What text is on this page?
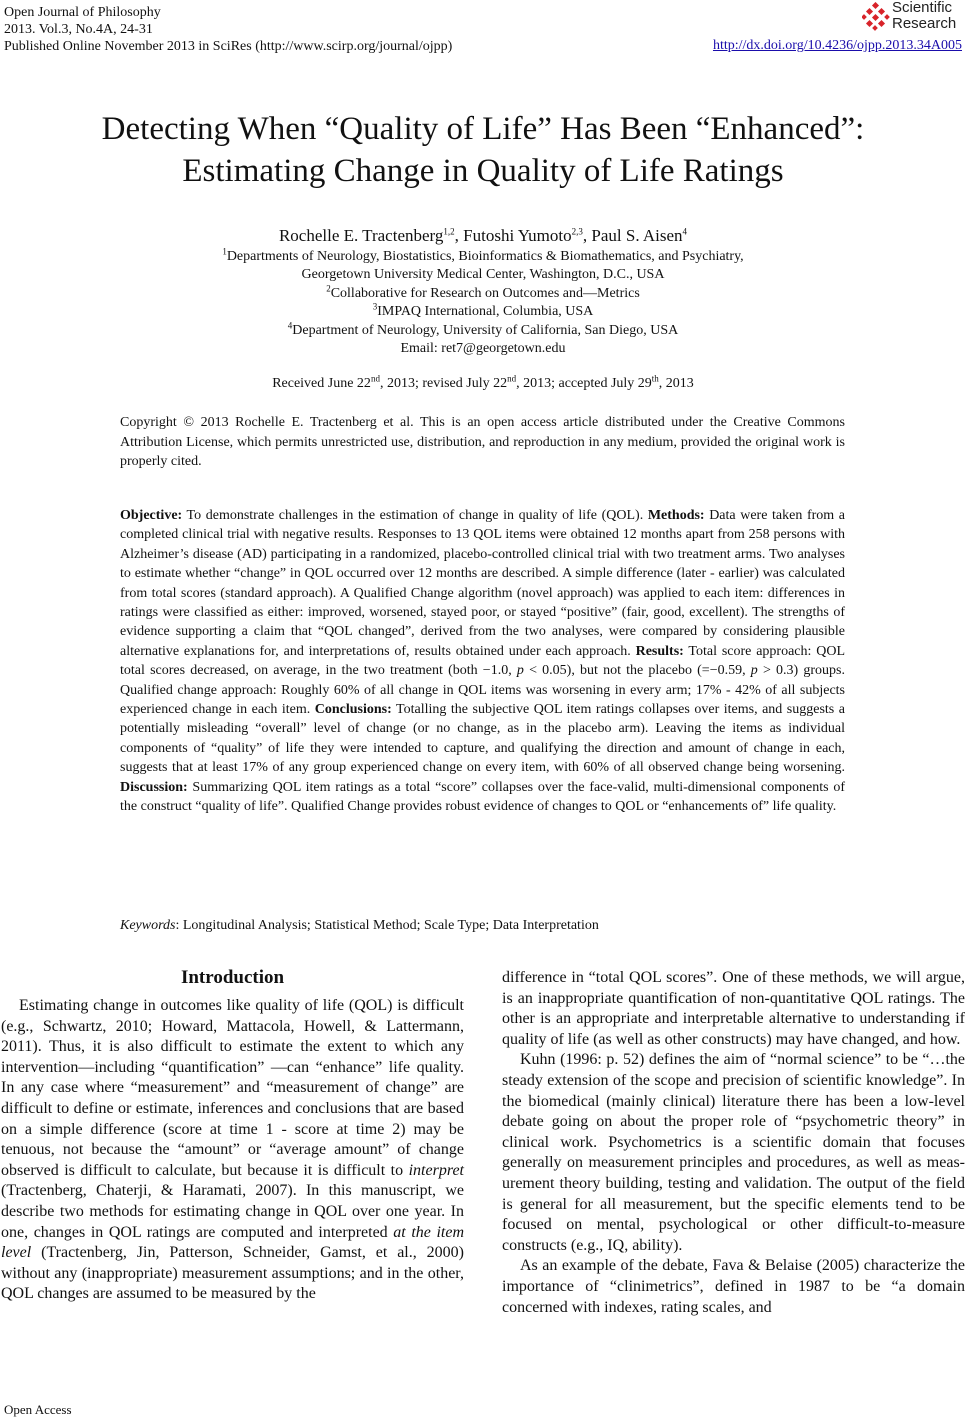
Open Journal of Philosophy
2013. Vol.3, No.4A, 24-31
Published Online November 2013 in SciRes (http://www.scirp.org/journal/ojpp)
Scientific
Research
http://dx.doi.org/10.4236/ojpp.2013.34A005
Detecting When “Quality of Life” Has Been “Enhanced”:
Estimating Change in Quality of Life Ratings
Rochelle E. Tractenberg$^{1,2}$, Futoshi Yumoto$^{2,3}$, Paul S. Aisen$^4$
$^1$Departments of Neurology, Biostatistics, Bioinformatics & Biomathematics, and Psychiatry,
Georgetown University Medical Center, Washington, D.C., USA
$^2$Collaborative for Research on Outcomes and—Metrics
$^3$IMPAQ International, Columbia, USA
$^4$Department of Neurology, University of California, San Diego, USA
Email: ret7@georgetown.edu
Received June 22nd, 2013; revised July 22nd, 2013; accepted July 29th, 2013
Copyright © 2013 Rochelle E. Tractenberg et al. This is an open access article distributed under the Creative Commons Attribution License, which permits unrestricted use, distribution, and reproduction in any medium, provided the original work is properly cited.
Objective: To demonstrate challenges in the estimation of change in quality of life (QOL). Methods: Data were taken from a completed clinical trial with negative results. Responses to 13 QOL items were obtained 12 months apart from 258 persons with Alzheimer’s disease (AD) participating in a randomized, placebo-controlled clinical trial with two treatment arms. Two analyses to estimate whether “change” in QOL occurred over 12 months are described. A simple difference (later - earlier) was calculated from total scores (standard approach). A Qualified Change algorithm (novel approach) was applied to each item: differences in ratings were classified as either: improved, worsened, stayed poor, or stayed “positive” (fair, good, excellent). The strengths of evidence supporting a claim that “QOL changed”, derived from the two analyses, were compared by considering plausible alternative explanations for, and interpretations of, results obtained under each approach. Results: Total score approach: QOL total scores decreased, on average, in the two treatment (both −1.0, p < 0.05), but not the placebo (=−0.59, p > 0.3) groups. Qualified change approach: Roughly 60% of all change in QOL items was worsening in every arm; 17% - 42% of all subjects experienced change in each item. Conclusions: Totalling the subjective QOL item ratings collapses over items, and suggests a potentially misleading “overall” level of change (or no change, as in the placebo arm). Leaving the items as individual components of “quality” of life they were intended to capture, and qualifying the direction and amount of change in each, suggests that at least 17% of any group experienced change on every item, with 60% of all observed change being worsening. Discussion: Summarizing QOL item ratings as a total “score” collapses over the face-valid, multi-dimensional components of the construct “quality of life”. Qualified Change provides robust evidence of changes to QOL or “enhancements of” life quality.
Keywords: Longitudinal Analysis; Statistical Method; Scale Type; Data Interpretation
Introduction

Estimating change in outcomes like quality of life (QOL) is difficult (e.g., Schwartz, 2010; Howard, Mattacola, Howell, & Lattermann, 2011). Thus, it is also difficult to estimate the extent to which any intervention—including “quantification” —can “enhance” life quality. In any case where “measurement” and “measurement of change” are difficult to define or estimate, inferences and conclusions that are based on a simple difference (score at time 1 - score at time 2) may be tenuous, not because the “amount” or “average amount” of change observed is difficult to calculate, but because it is difficult to interpret (Tractenberg, Chaterji, & Haramati, 2007). In this manuscript, we describe two methods for estimating change in QOL over one year. In one, changes in QOL ratings are computed and interpreted at the item level (Tractenberg, Jin, Patterson, Schneider, Gamst, et al., 2000) without any (inappropriate) measurement assumptions; and in the other, QOL changes are assumed to be measured by the

difference in “total QOL scores”. One of these methods, we will argue, is an inappropriate quantification of non-quantitative QOL ratings. The other is an appropriate and interpretable alternative to understanding if quality of life (as well as other constructs) may have changed, and how.

Kuhn (1996: p. 52) defines the aim of “normal science” to be “…the steady extension of the scope and precision of scientific knowledge”. In the biomedical (mainly clinical) literature there has been a low-level debate going on about the proper role of “psychometric theory” in clinical work. Psychometrics is a scientific domain that focuses generally on measurement principles and procedures, as well as measurement theory building, testing and validation. The output of the field is general for all measurement, but the specific elements tend to be focused on mental, psychological or other difficult-to-measure constructs (e.g., IQ, ability).

As an example of the debate, Fava & Belaise (2005) characterize the importance of “clinimetrics”, defined in 1987 to be “a domain concerned with indexes, rating scales, and

Open Access
